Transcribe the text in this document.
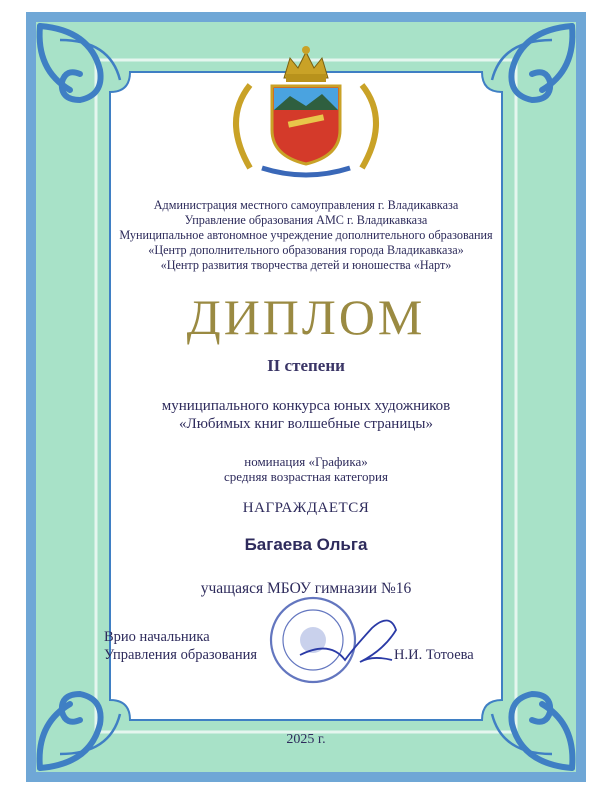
Администрация местного самоуправления г. Владикавказа
Управление образования АМС г. Владикавказа
Муниципальное автономное учреждение дополнительного образования
«Центр дополнительного образования города Владикавказа»
«Центр развития творчества детей и юношества «Нарт»
ДИПЛОМ
II степени
муниципального конкурса юных художников
«Любимых книг волшебные страницы»
номинация «Графика»
средняя возрастная категория
НАГРАЖДАЕТСЯ
Багаева Ольга
учащаяся МБОУ гимназии №16
Врио начальника
Управления образования	Н.И. Тотоева
2025 г.
